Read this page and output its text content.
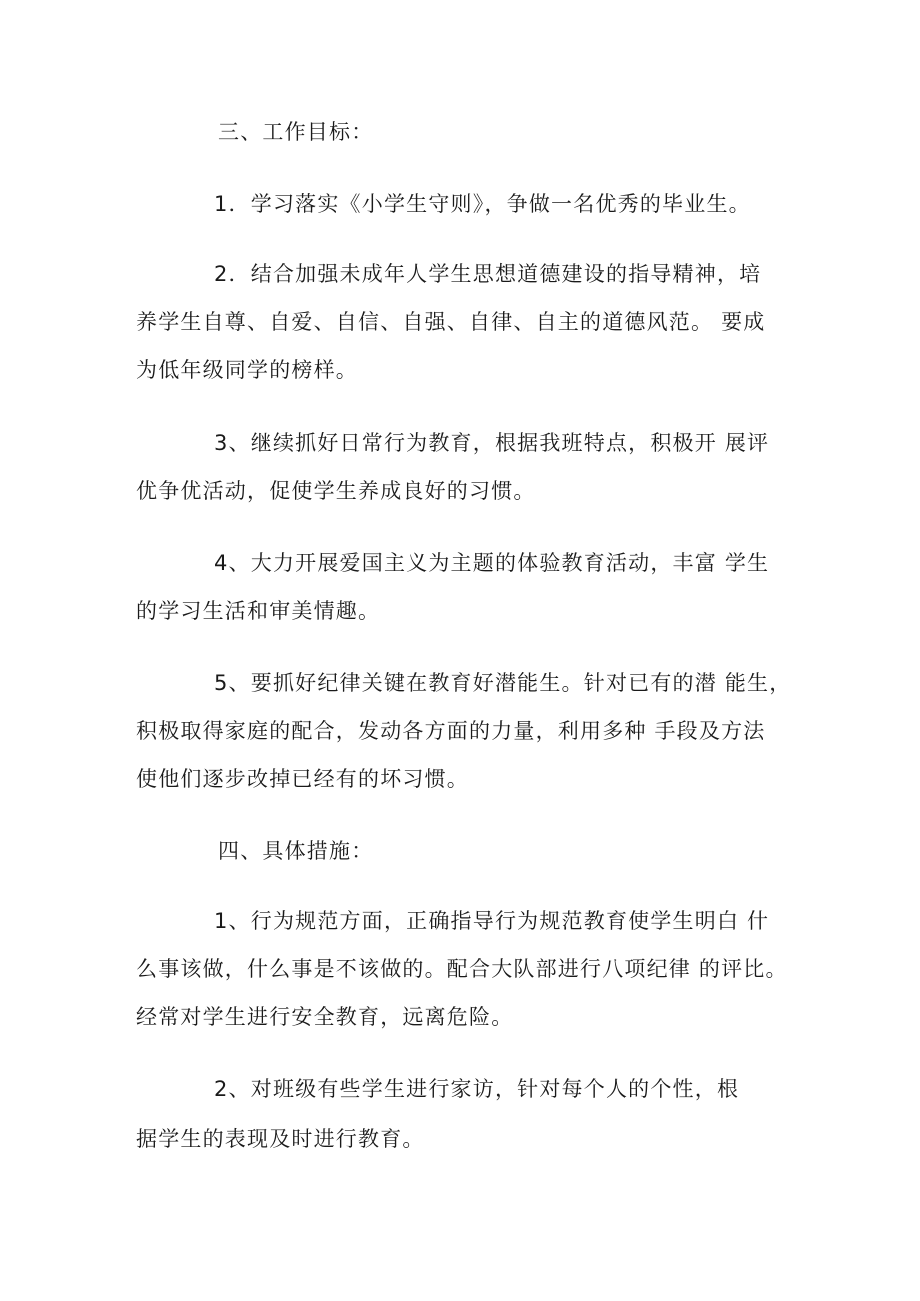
三、工作目标：
1．学习落实《小学生守则》，争做一名优秀的毕业生。
2．结合加强未成年人学生思想道德建设的指导精神，培
养学生自尊、自爱、自信、自强、自律、自主的道德风范。 要成
为低年级同学的榜样。
3、继续抓好日常行为教育，根据我班特点，积极开 展评
优争优活动，促使学生养成良好的习惯。
4、大力开展爱国主义为主题的体验教育活动，丰富 学生
的学习生活和审美情趣。
5、要抓好纪律关键在教育好潜能生。针对已有的潜 能生，
积极取得家庭的配合，发动各方面的力量，利用多种 手段及方法
使他们逐步改掉已经有的坏习惯。
四、具体措施：
1、行为规范方面，正确指导行为规范教育使学生明白 什
么事该做，什么事是不该做的。配合大队部进行八项纪律 的评比。
经常对学生进行安全教育，远离危险。
2、对班级有些学生进行家访，针对每个人的个性，根
据学生的表现及时进行教育。
